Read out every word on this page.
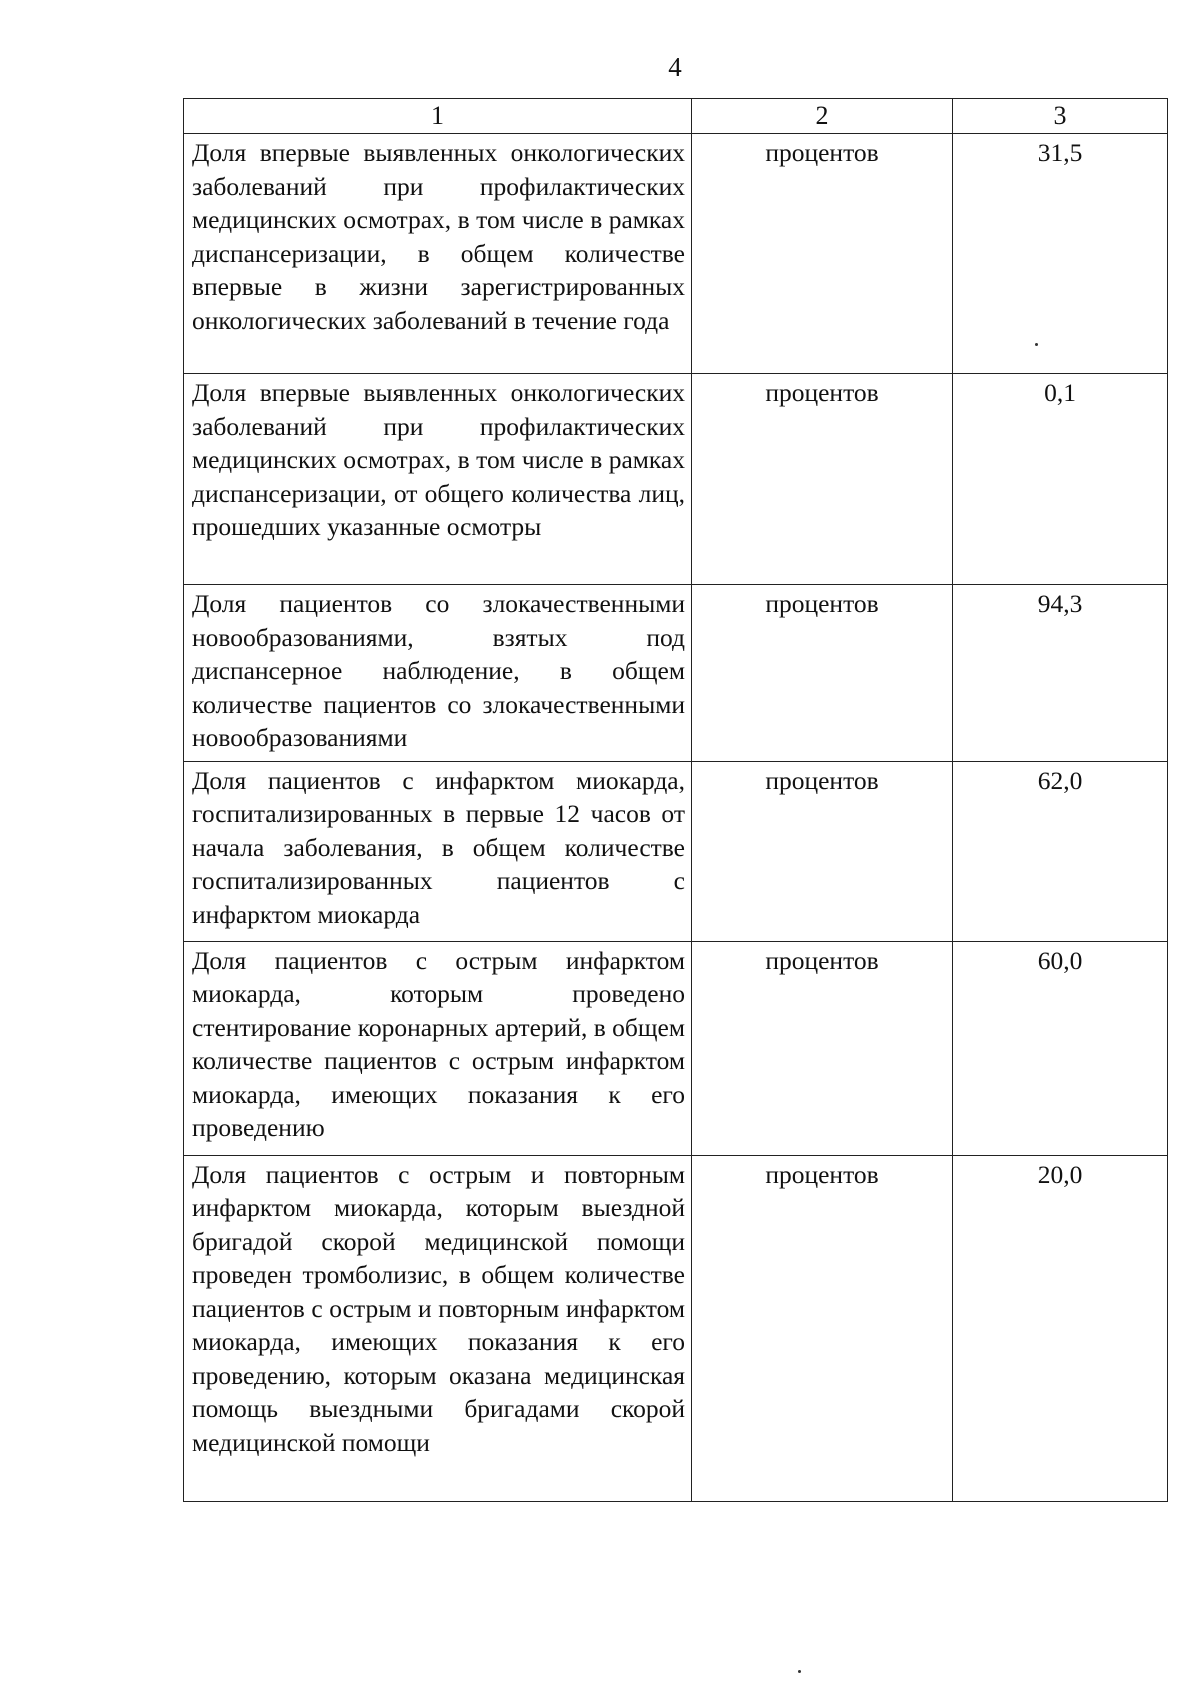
4
1	2	3
Доля впервые выявленных онкологических заболеваний при профилактических медицинских осмотрах, в том числе в рамках диспансеризации, в общем количестве впервые в жизни зарегистрированных онкологических заболеваний в течение года	процентов	31,5
Доля впервые выявленных онкологических заболеваний при профилактических медицинских осмотрах, в том числе в рамках диспансеризации, от общего количества лиц, прошедших указанные осмотры	процентов	0,1
Доля пациентов со злокачественными новообразованиями, взятых под диспансерное наблюдение, в общем количестве пациентов со злокачественными новообразованиями	процентов	94,3
Доля пациентов с инфарктом миокарда, госпитализированных в первые 12 часов от начала заболевания, в общем количестве госпитализированных пациентов с инфарктом миокарда	процентов	62,0
Доля пациентов с острым инфарктом миокарда, которым проведено стентирование коронарных артерий, в общем количестве пациентов с острым инфарктом миокарда, имеющих показания к его проведению	процентов	60,0
Доля пациентов с острым и повторным инфарктом миокарда, которым выездной бригадой скорой медицинской помощи проведен тромболизис, в общем количестве пациентов с острым и повторным инфарктом миокарда, имеющих показания к его проведению, которым оказана медицинская помощь выездными бригадами скорой медицинской помощи	процентов	20,0
